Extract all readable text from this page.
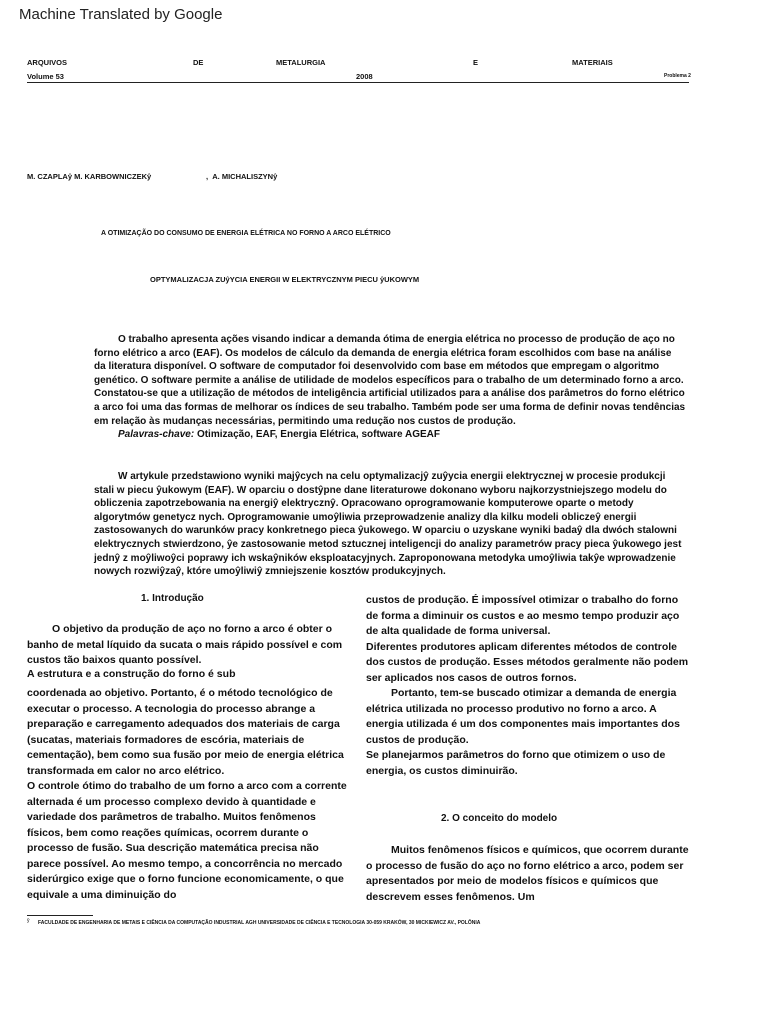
Machine Translated by Google
ARQUIVOS	DE	METALURGIA	E	MATERIAIS
Volume 53	2008	Problema 2
M. CZAPLAŷ M. KARBOWNICZEKŷ	, A. MICHALISZYNŷ
A OTIMIZAÇÃO DO CONSUMO DE ENERGIA ELÉTRICA NO FORNO A ARCO ELÉTRICO
OPTYMALIZACJA ZUŷYCIA ENERGII W ELEKTRYCZNYM PIECU ŷUKOWYM

O trabalho apresenta ações visando indicar a demanda ótima de energia elétrica no processo de produção de aço no

forno elétrico a arco (EAF). Os modelos de cálculo da demanda de energia elétrica foram escolhidos com base na análise

da literatura disponível. O software de computador foi desenvolvido com base em métodos que empregam o algoritmo

genético. O software permite a análise de utilidade de modelos específicos para o trabalho de um determinado forno a arco.

Constatou-se que a utilização de métodos de inteligência artificial utilizados para a análise dos parâmetros do forno elétrico

a arco foi uma das formas de melhorar os índices de seu trabalho. Também pode ser uma forma de definir novas tendências

em relação às mudanças necessárias, permitindo uma redução nos custos de produção.

Palavras-chave: Otimização, EAF, Energia Elétrica, software AGEAF

W artykule przedstawiono wyniki majŷcych na celu optymalizacjŷ zuŷycia energii elektrycznej w procesie produkcji

stali w piecu ŷukowym (EAF). W oparciu o dostŷpne dane literaturowe dokonano wyboru najkorzystniejszego modelu do

obliczenia zapotrzebowania na energiŷ elektrycznŷ. Opracowano oprogramowanie komputerowe oparte o metody

algorytmów genetycz nych. Oprogramowanie umoŷliwia przeprowadzenie analizy dla kilku modeli obliczeŷ energii

zastosowanych do warunków pracy konkretnego pieca ŷukowego. W oparciu o uzyskane wyniki badaŷ dla dwóch stalowni

elektrycznych stwierdzono, ŷe zastosowanie metod sztucznej inteligencji do analizy parametrów pracy pieca ŷukowego jest

jednŷ z moŷliwoŷci poprawy ich wskaŷników eksploatacyjnych. Zaproponowana metodyka umoŷliwia takŷe wprowadzenie

nowych rozwiŷzaŷ, które umoŷliwiŷ zmniejszenie kosztów produkcyjnych.

1. Introdução

O objetivo da produção de aço no forno a arco é obter o

banho de metal líquido da sucata o mais rápido possível e com

custos tão baixos quanto possível.

A estrutura e a construção do forno é sub

coordenada ao objetivo. Portanto, é o método tecnológico de

executar o processo. A tecnologia do processo abrange a

preparação e carregamento adequados dos materiais de carga

(sucatas, materiais formadores de escória, materiais de

cementação), bem como sua fusão por meio de energia elétrica

transformada em calor no arco elétrico.

O controle ótimo do trabalho de um forno a arco com a corrente

alternada é um processo complexo devido à quantidade e

variedade dos parâmetros de trabalho. Muitos fenômenos

físicos, bem como reações químicas, ocorrem durante o

processo de fusão. Sua descrição matemática precisa não

parece possível. Ao mesmo tempo, a concorrência no mercado

siderúrgico exige que o forno funcione economicamente, o que

equivale a uma diminuição do

custos de produção. É impossível otimizar o trabalho do forno

de forma a diminuir os custos e ao mesmo tempo produzir aço

de alta qualidade de forma universal.

Diferentes produtores aplicam diferentes métodos de controle

dos custos de produção. Esses métodos geralmente não podem

ser aplicados nos casos de outros fornos.

Portanto, tem-se buscado otimizar a demanda de energia

elétrica utilizada no processo produtivo no forno a arco. A

energia utilizada é um dos componentes mais importantes dos

custos de produção.

Se planejarmos parâmetros do forno que otimizem o uso de

energia, os custos diminuirão.

2. O conceito do modelo

Muitos fenômenos físicos e químicos, que ocorrem durante

o processo de fusão do aço no forno elétrico a arco, podem ser

apresentados por meio de modelos físicos e químicos que

descrevem esses fenômenos. Um

ŷ FACULDADE DE ENGENHARIA DE METAIS E CIÊNCIA DA COMPUTAÇÃO INDUSTRIAL AGH UNIVERSIDADE DE CIÊNCIA E TECNOLOGIA 30-059 KRAKÓW, 30 MICKIEWICZ AV., POLÔNIA
